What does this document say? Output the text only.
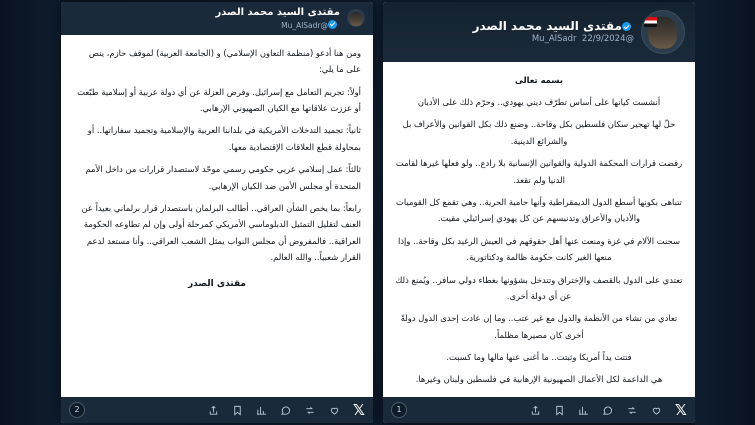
مقتدى السيد محمد الصدر
@Mu_AlSadr

ومن هنا أدعو (منظمة التعاون الإسلامي) و (الجامعة العربية) لموقف حازم، ينص على ما يلي:

أولاً: تجريم التعامل مع إسرائيل. وفرض العزلة عن أي دولة عربية أو إسلامية طبّعت أو عززت علاقاتها مع الكيان الصهيوني الإرهابي.

ثانياً: تجميد التدخلات الأمريكية في بلداننا العربية والإسلامية وتجميد سفاراتها.. أو بمحاولة قطع العلاقات الإقتصادية معها.

ثالثاً: عمل إسلامي عربي حكومي رسمي موحّد لاستصدار قرارات من داخل الأمم المتحدة أو مجلس الأمن ضد الكيان الإرهابي.

رابعاً: بما يخص الشأن العراقي.. أطالب البرلمان باستصدار قرار برلماني بعيداً عن العنف لتقليل التمثيل الدبلوماسي الأمريكي كمرحلة أولى وإن لم تطاوعه الحكومة العراقية.. فالمفروض أن مجلس النواب يمثل الشعب العراقي.. وأنا مستعد لدعم القرار شعبياً.. والله العالم.

مقتدى الصدر
2	𝕏
مقتدى السيد محمد الصدر
@Mu_AlSadr  22/9/2024

بسمه تعالى

أنشست كيانها على أساس تطرّف ديني يهودي.. وحرّم ذلك على الأديان

حلّ لها تهجير سكان فلسطين بكل وقاحة.. وضنع ذلك بكل القوانين والأعراف بل والشرائع الدينية.

رفضت قرارات المحكمة الدولية والقوانين الإنسانية بلا رادع.. ولو فعلها غيرها لقامت الدنيا ولم تقعد.

تتباهى بكونها أسطع الدول الديمقراطية وأنها حامية الحرية.. وهي تقمع كل القوميات والأديان والأعراق وتدنيسهم عن كل يهودي إسرائيلي مقيت.

سجنت الآلام في غزة ومنعت عنها أهل حقوقهم في العيش الرغيد بكل وقاحة.. وإذا منعها الغير كانت حكومة ظالمة ودكتاتورية.

تعتدي على الدول بالقصف والإختراق وتتدخل بشؤونها بغطاء دولي سافر.. ويُمنع ذلك عن أي دولة أخرى.

تعادي من تشاء من الأنظمة والدول مع غير عتب.. وما إن عادت إحدى الدول دولةً أخرى كان مصيرها مظلماً.

فتتت يداً أمريكا وثبتت.. ما أغنى عنها مالها وما كسبت.

هي الداعمة لكل الأعمال الصهيونية الإرهابية في فلسطين ولبنان وغيرها.

1	𝕏
